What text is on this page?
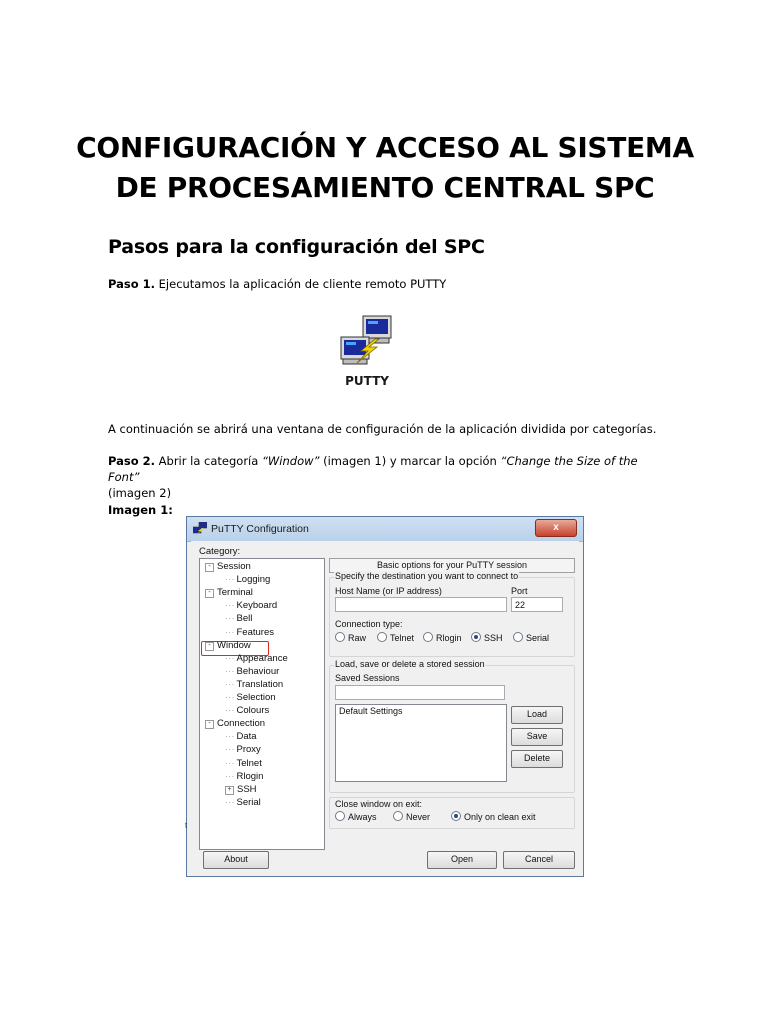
CONFIGURACIÓN Y ACCESO AL SISTEMA
DE PROCESAMIENTO CENTRAL SPC
Pasos para la configuración del SPC

Paso 1. Ejecutamos la aplicación de cliente remoto PUTTY

PUTTY

A continuación se abrirá una ventana de configuración de la aplicación dividida por categorías.

Paso 2. Abrir la categoría “Window” (imagen 1) y marcar la opción “Change the Size of the Font”
(imagen 2)

Imagen 1:

PuTTY Configuration	x
Category:
- Session
··· Logging
- Terminal
··· Keyboard
··· Bell
··· Features
- Window
··· Appearance
··· Behaviour
··· Translation
··· Selection
··· Colours
- Connection
··· Data
··· Proxy
··· Telnet
··· Rlogin
+ SSH
··· Serial
Basic options for your PuTTY session
Specify the destination you want to connect to
Host Name (or IP address)	Port
22
Connection type:
Raw	Telnet	Rlogin	SSH	Serial
Load, save or delete a stored session
Saved Sessions
Default Settings	Load
Save
Delete
Close window on exit:
Always	Never	Only on clean exit
t
About	Open	Cancel
